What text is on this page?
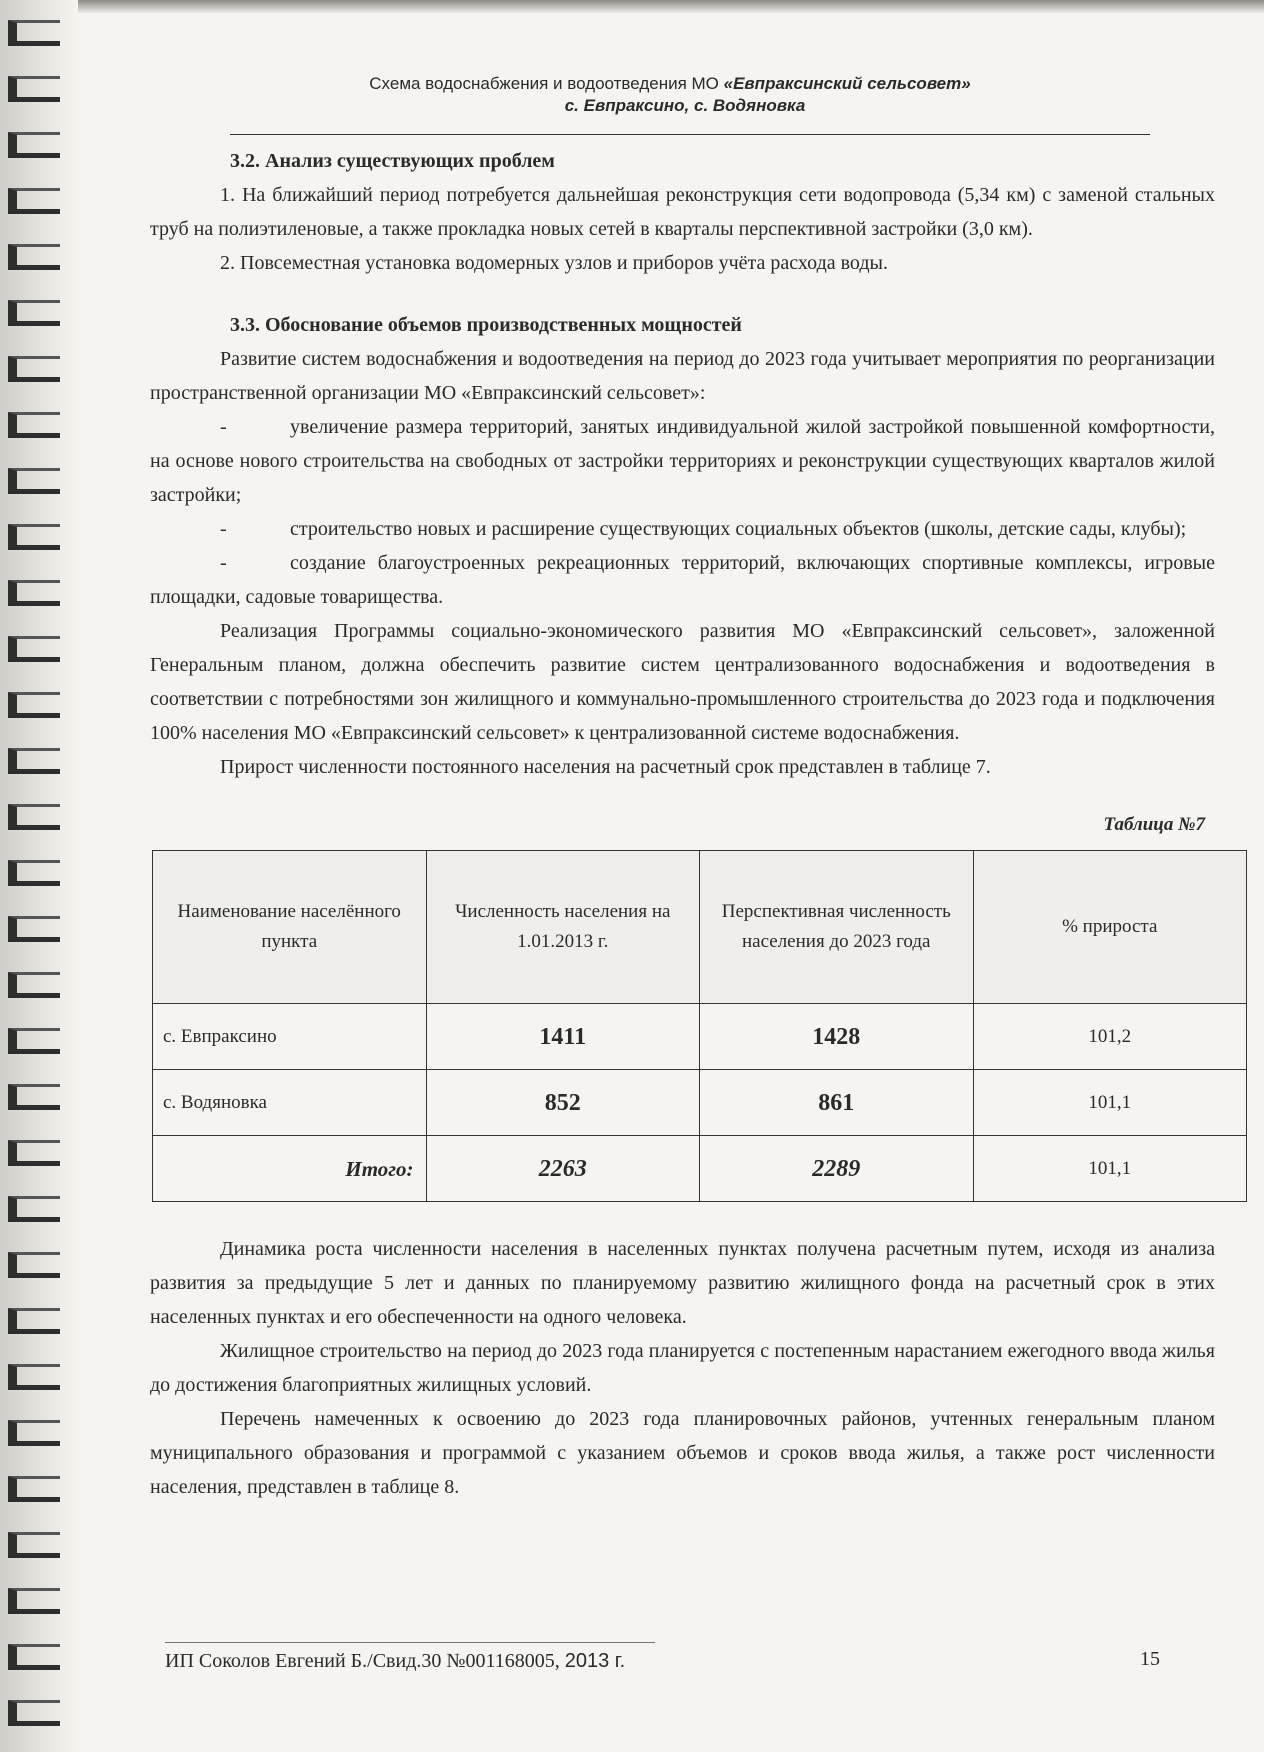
Схема водоснабжения и водоотведения МО «Евпраксинский сельсовет»
с. Евпраксино, с. Водяновка
3.2. Анализ существующих проблем

1. На ближайший период потребуется дальнейшая реконструкция сети водопровода (5,34 км) с заменой стальных труб на полиэтиленовые, а также прокладка новых сетей в кварталы перспективной застройки (3,0 км).

2. Повсеместная установка водомерных узлов и приборов учёта расхода воды.

3.3. Обоснование объемов производственных мощностей

Развитие систем водоснабжения и водоотведения на период до 2023 года учитывает мероприятия по реорганизации пространственной организации МО «Евпраксинский сельсовет»:

-	увеличение размера территорий, занятых индивидуальной жилой застройкой повышенной комфортности, на основе нового строительства на свободных от застройки территориях и реконструкции существующих кварталов жилой застройки;

-	строительство новых и расширение существующих социальных объектов (школы, детские сады, клубы);

-	создание благоустроенных рекреационных территорий, включающих спортивные комплексы, игровые площадки, садовые товарищества.

Реализация Программы социально-экономического развития МО «Евпраксинский сельсовет», заложенной Генеральным планом, должна обеспечить развитие систем централизованного водоснабжения и водоотведения в соответствии с потребностями зон жилищного и коммунально-промышленного строительства до 2023 года и подключения 100% населения МО «Евпраксинский сельсовет» к централизованной системе водоснабжения.

Прирост численности постоянного населения на расчетный срок представлен в таблице 7.

Таблица №7
Наименование населённого пункта	Численность населения на 1.01.2013 г.	Перспективная численность населения до 2023 года	% прироста
с. Евпраксино	1411	1428	101,2
с. Водяновка	852	861	101,1
Итого:	2263	2289	101,1

Динамика роста численности населения в населенных пунктах получена расчетным путем, исходя из анализа развития за предыдущие 5 лет и данных по планируемому развитию жилищного фонда на расчетный срок в этих населенных пунктах и его обеспеченности на одного человека.

Жилищное строительство на период до 2023 года планируется с постепенным нарастанием ежегодного ввода жилья до достижения благоприятных жилищных условий.

Перечень намеченных к освоению до 2023 года планировочных районов, учтенных генеральным планом муниципального образования и программой с указанием объемов и сроков ввода жилья, а также рост численности населения, представлен в таблице 8.

ИП Соколов Евгений Б./Свид.30 №001168005, 2013 г.	15
